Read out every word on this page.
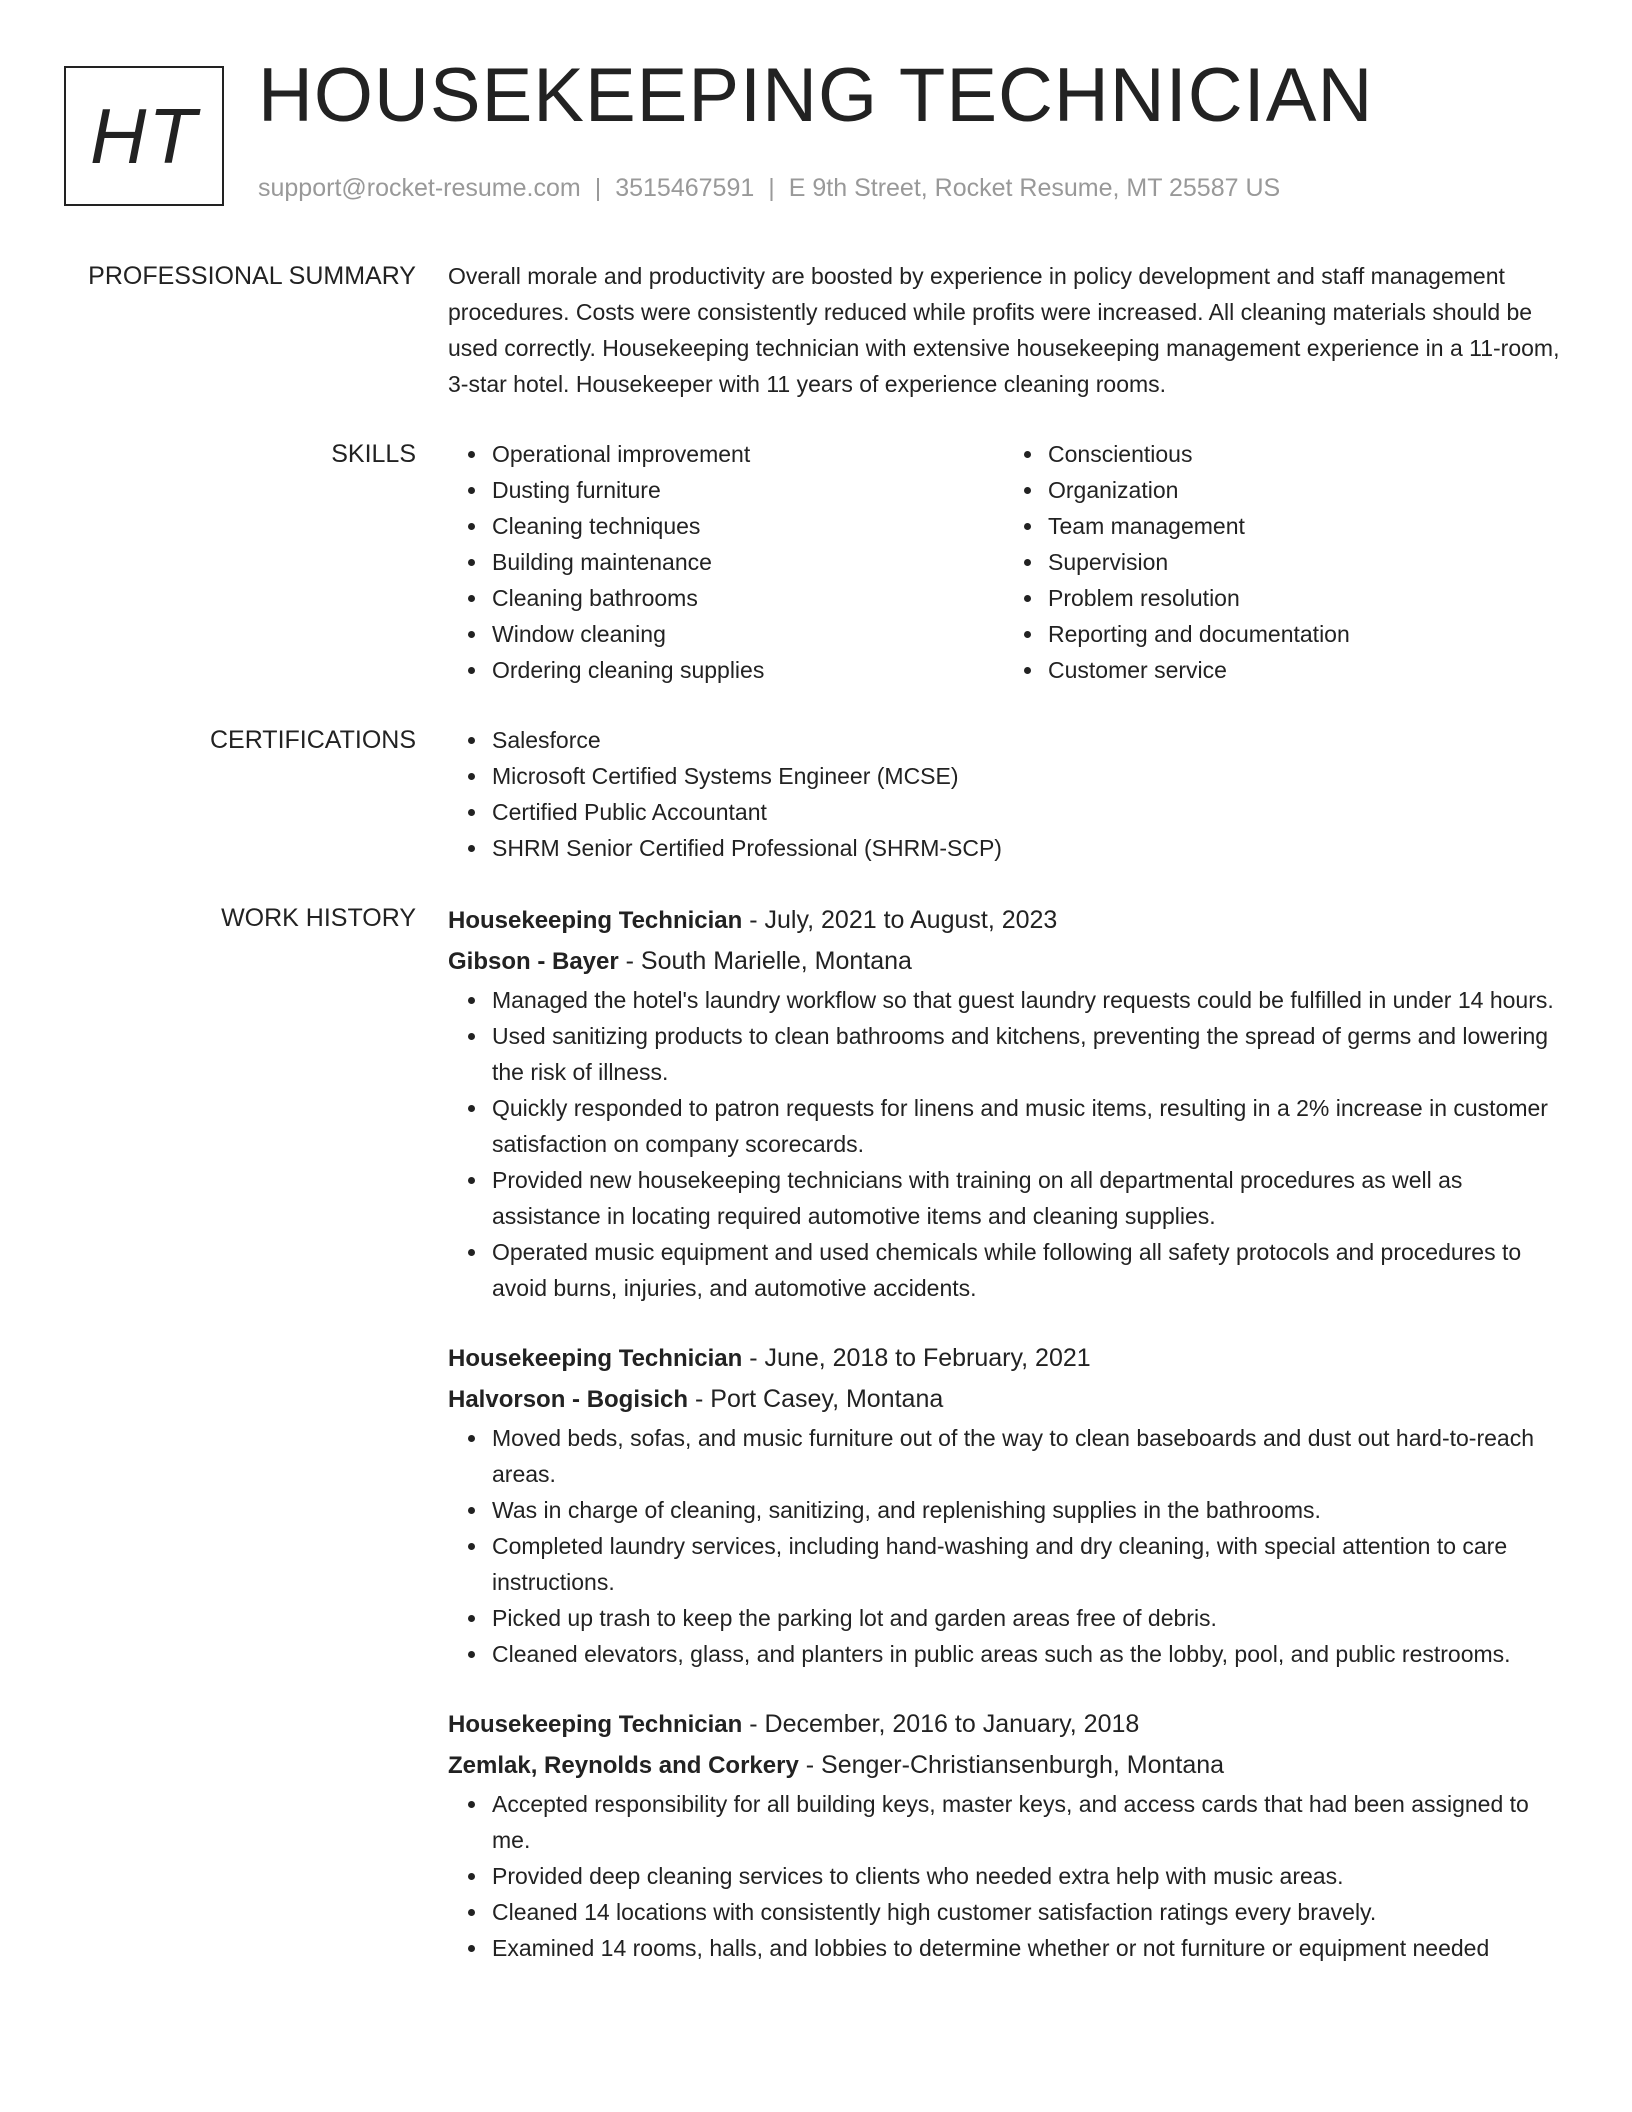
HT HOUSEKEEPING TECHNICIAN
support@rocket-resume.com | 3515467591 | E 9th Street, Rocket Resume, MT 25587 US
PROFESSIONAL SUMMARY Overall morale and productivity are boosted by experience in policy development and staff management procedures. Costs were consistently reduced while profits were increased. All cleaning materials should be used correctly. Housekeeping technician with extensive housekeeping management experience in a 11-room, 3-star hotel. Housekeeper with 11 years of experience cleaning rooms.

SKILLS	Operational improvement
Dusting furniture
Cleaning techniques
Building maintenance
Cleaning bathrooms
Window cleaning
Ordering cleaning supplies
Conscientious
Organization
Team management
Supervision
Problem resolution
Reporting and documentation
Customer service
CERTIFICATIONS	Salesforce
Microsoft Certified Systems Engineer (MCSE)
Certified Public Accountant
SHRM Senior Certified Professional (SHRM-SCP)
WORK HISTORY Housekeeping Technician - July, 2021 to August, 2023
Gibson - Bayer - South Marielle, Montana
Managed the hotel's laundry workflow so that guest laundry requests could be fulfilled in under 14 hours.
Used sanitizing products to clean bathrooms and kitchens, preventing the spread of germs and lowering the risk of illness.
Quickly responded to patron requests for linens and music items, resulting in a 2% increase in customer satisfaction on company scorecards.
Provided new housekeeping technicians with training on all departmental procedures as well as assistance in locating required automotive items and cleaning supplies.
Operated music equipment and used chemicals while following all safety protocols and procedures to avoid burns, injuries, and automotive accidents.
Housekeeping Technician - June, 2018 to February, 2021
Halvorson - Bogisich - Port Casey, Montana
Moved beds, sofas, and music furniture out of the way to clean baseboards and dust out hard-to-reach areas.
Was in charge of cleaning, sanitizing, and replenishing supplies in the bathrooms.
Completed laundry services, including hand-washing and dry cleaning, with special attention to care instructions.
Picked up trash to keep the parking lot and garden areas free of debris.
Cleaned elevators, glass, and planters in public areas such as the lobby, pool, and public restrooms.
Housekeeping Technician - December, 2016 to January, 2018
Zemlak, Reynolds and Corkery - Senger-Christiansenburgh, Montana
Accepted responsibility for all building keys, master keys, and access cards that had been assigned to me.
Provided deep cleaning services to clients who needed extra help with music areas.
Cleaned 14 locations with consistently high customer satisfaction ratings every bravely.
Examined 14 rooms, halls, and lobbies to determine whether or not furniture or equipment needed
